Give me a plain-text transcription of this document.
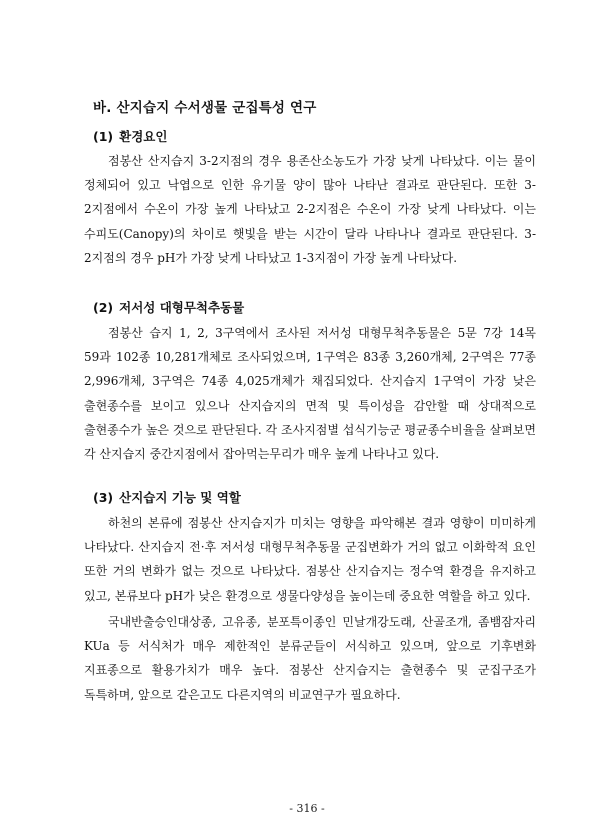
바. 산지습지 수서생물 군집특성 연구
(1) 환경요인

점봉산 산지습지 3-2지점의 경우 용존산소농도가 가장 낮게 나타났다. 이는 물이 정체되어 있고 낙엽으로 인한 유기물 양이 많아 나타난 결과로 판단된다. 또한 3-2지점에서 수온이 가장 높게 나타났고 2-2지점은 수온이 가장 낮게 나타났다. 이는 수피도(Canopy)의 차이로 햇빛을 받는 시간이 달라 나타나나 결과로 판단된다. 3-2지점의 경우 pH가 가장 낮게 나타났고 1-3지점이 가장 높게 나타났다.

(2) 저서성 대형무척추동물

점봉산 습지 1, 2, 3구역에서 조사된 저서성 대형무척추동물은 5문 7강 14목 59과 102종 10,281개체로 조사되었으며, 1구역은 83종 3,260개체, 2구역은 77종 2,996개체, 3구역은 74종 4,025개체가 채집되었다. 산지습지 1구역이 가장 낮은 출현종수를 보이고 있으나 산지습지의 면적 및 특이성을 감안할 때 상대적으로 출현종수가 높은 것으로 판단된다. 각 조사지점별 섭식기능군 평균종수비율을 살펴보면 각 산지습지 중간지점에서 잡아먹는무리가 매우 높게 나타나고 있다.

(3) 산지습지 기능 및 역할

하천의 본류에 점봉산 산지습지가 미치는 영향을 파악해본 결과 영향이 미미하게 나타났다. 산지습지 전·후 저서성 대형무척추동물 군집변화가 거의 없고 이화학적 요인 또한 거의 변화가 없는 것으로 나타났다. 점봉산 산지습지는 정수역 환경을 유지하고 있고, 본류보다 pH가 낮은 환경으로 생물다양성을 높이는데 중요한 역할을 하고 있다.

국내반출승인대상종, 고유종, 분포특이종인 민날개강도래, 산골조개, 좀뱀잠자리 KUa 등 서식처가 매우 제한적인 분류군들이 서식하고 있으며, 앞으로 기후변화 지표종으로 활용가치가 매우 높다. 점봉산 산지습지는 출현종수 및 군집구조가 독특하며, 앞으로 같은고도 다른지역의 비교연구가 필요하다.

- 316 -
